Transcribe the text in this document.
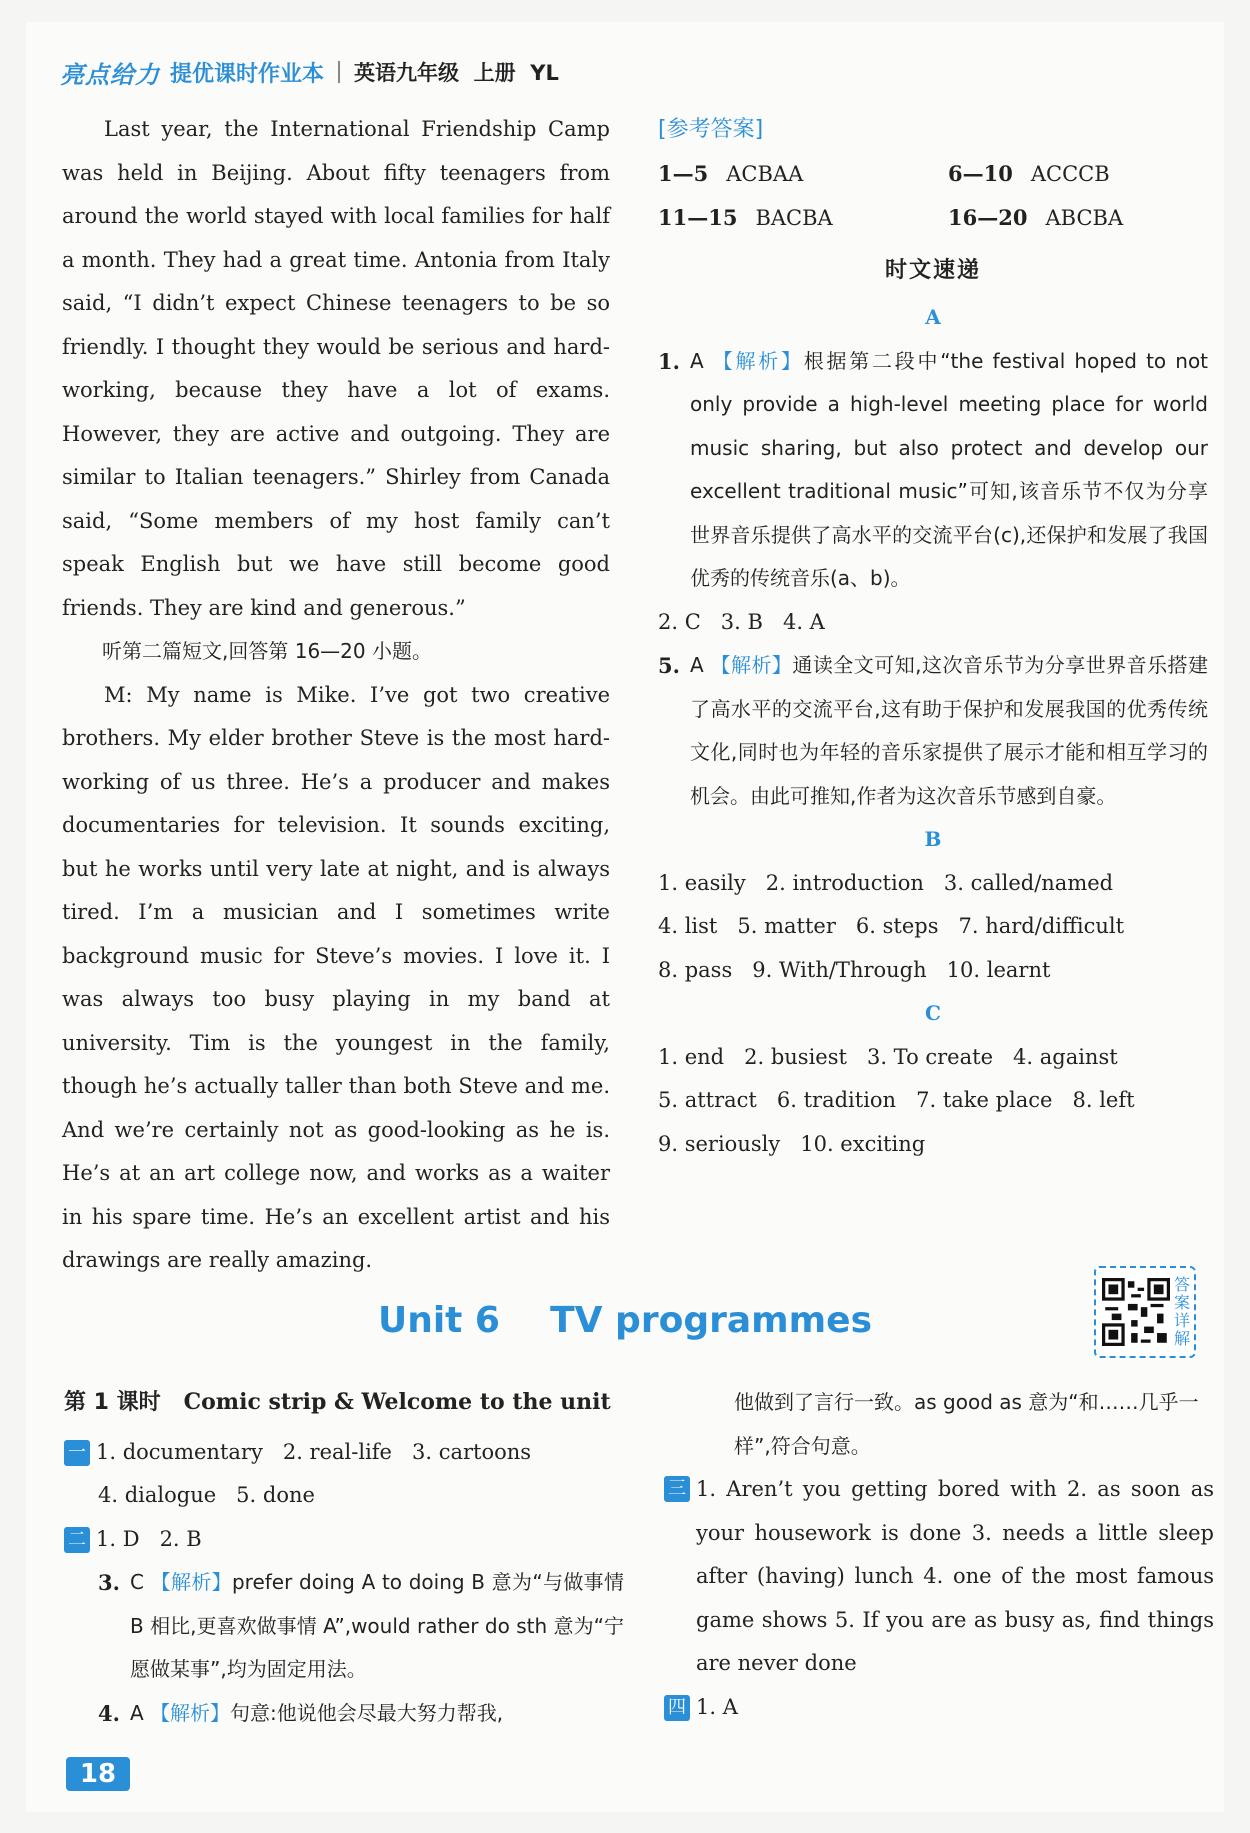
亮点给力 提优课时作业本 英语九年级  上册  YL

Last year, the International Friendship Camp was held in Beijing. About fifty teenagers from around the world stayed with local families for half a month. They had a great time. Antonia from Italy said, “I didn’t expect Chinese teenagers to be so friendly. I thought they would be serious and hard-working, because they have a lot of exams. However, they are active and outgoing. They are similar to Italian teenagers.” Shirley from Canada said, “Some members of my host family can’t speak English but we have still become good friends. They are kind and generous.”

听第二篇短文,回答第 16—20 小题。

M: My name is Mike. I’ve got two creative brothers. My elder brother Steve is the most hard-working of us three. He’s a producer and makes documentaries for television. It sounds exciting, but he works until very late at night, and is always tired. I’m a musician and I sometimes write background music for Steve’s movies. I love it. I was always too busy playing in my band at university. Tim is the youngest in the family, though he’s actually taller than both Steve and me. And we’re certainly not as good-looking as he is. He’s at an art college now, and works as a waiter in his spare time. He’s an excellent artist and his drawings are really amazing.

[参考答案]
1—5 ACBAA	6—10 ACCCB
11—15 BACBA	16—20 ABCBA
时文速递
A
1. A 【解析】根据第二段中“the festival hoped to not only provide a high-level meeting place for world music sharing, but also protect and develop our excellent traditional music”可知,该音乐节不仅为分享世界音乐提供了高水平的交流平台(c),还保护和发展了我国优秀的传统音乐(a、b)。
2. C   3. B   4. A
5. A 【解析】通读全文可知,这次音乐节为分享世界音乐搭建了高水平的交流平台,这有助于保护和发展我国的优秀传统文化,同时也为年轻的音乐家提供了展示才能和相互学习的机会。由此可推知,作者为这次音乐节感到自豪。
B
1. easily   2. introduction   3. called/named
4. list   5. matter   6. steps   7. hard/difficult
8. pass   9. With/Through   10. learnt
C
1. end   2. busiest   3. To create   4. against
5. attract   6. tradition   7. take place   8. left
9. seriously   10. exciting
答案详解
Unit 6    TV programmes
第 1 课时 Comic strip & Welcome to the unit
一 1. documentary   2. real-life   3. cartoons
4. dialogue   5. done
二 1. D   2. B
3. C 【解析】prefer doing A to doing B 意为“与做事情 B 相比,更喜欢做事情 A”,would rather do sth 意为“宁愿做某事”,均为固定用法。
4. A 【解析】句意:他说他会尽最大努力帮我,
他做到了言行一致。as good as 意为“和……几乎一样”,符合句意。
三 1. Aren’t you getting bored with 2. as soon as your housework is done 3. needs a little sleep after (having) lunch 4. one of the most famous game shows 5. If you are as busy as, find things are never done
四 1. A
18
